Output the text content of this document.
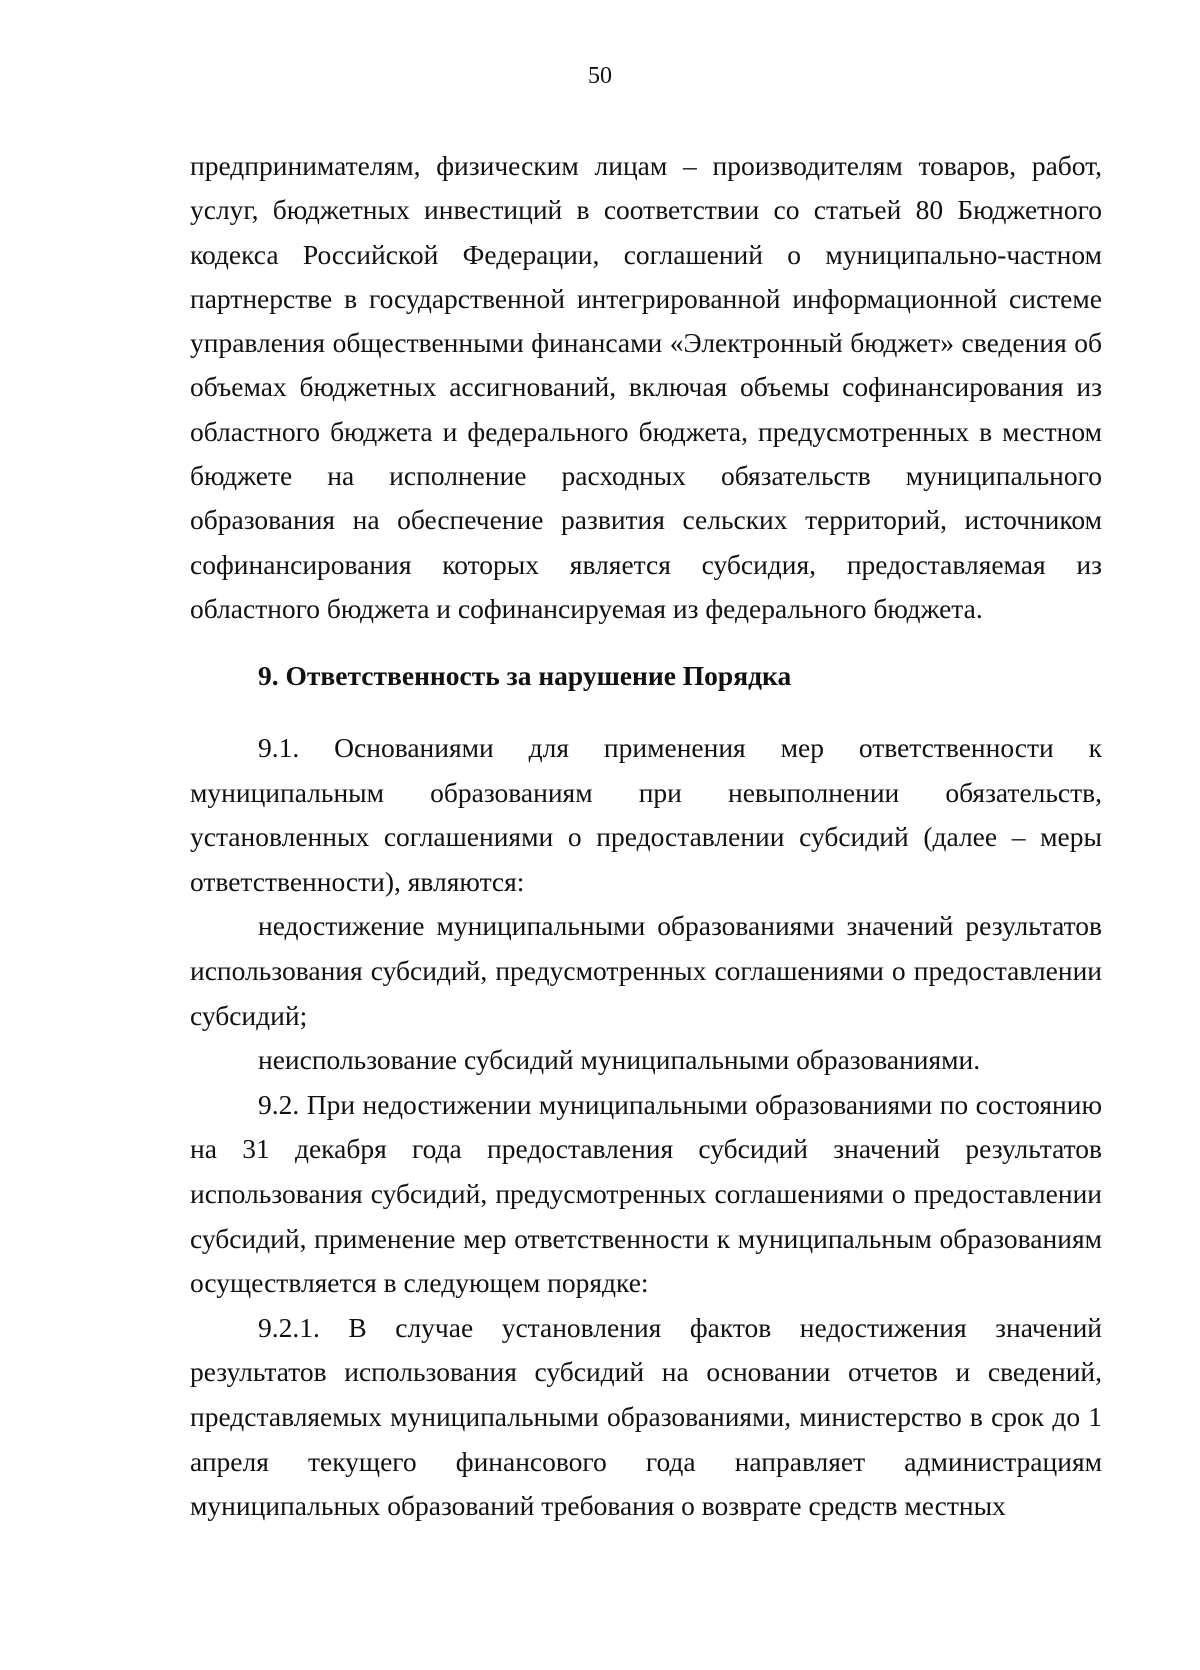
50

предпринимателям, физическим лицам – производителям товаров, работ, услуг, бюджетных инвестиций в соответствии со статьей 80 Бюджетного кодекса Российской Федерации, соглашений о муниципально-частном партнерстве в государственной интегрированной информационной системе управления общественными финансами «Электронный бюджет» сведения об объемах бюджетных ассигнований, включая объемы софинансирования из областного бюджета и федерального бюджета, предусмотренных в местном бюджете на исполнение расходных обязательств муниципального образования на обеспечение развития сельских территорий, источником софинансирования которых является субсидия, предоставляемая из областного бюджета и софинансируемая из федерального бюджета.

9. Ответственность за нарушение Порядка

9.1. Основаниями для применения мер ответственности к муниципальным образованиям при невыполнении обязательств, установленных соглашениями о предоставлении субсидий (далее – меры ответственности), являются:

недостижение муниципальными образованиями значений результатов использования субсидий, предусмотренных соглашениями о предоставлении субсидий;

неиспользование субсидий муниципальными образованиями.

9.2. При недостижении муниципальными образованиями по состоянию на 31 декабря года предоставления субсидий значений результатов использования субсидий, предусмотренных соглашениями о предоставлении субсидий, применение мер ответственности к муниципальным образованиям осуществляется в следующем порядке:

9.2.1. В случае установления фактов недостижения значений результатов использования субсидий на основании отчетов и сведений, представляемых муниципальными образованиями, министерство в срок до 1 апреля текущего финансового года направляет администрациям муниципальных образований требования о возврате средств местных
